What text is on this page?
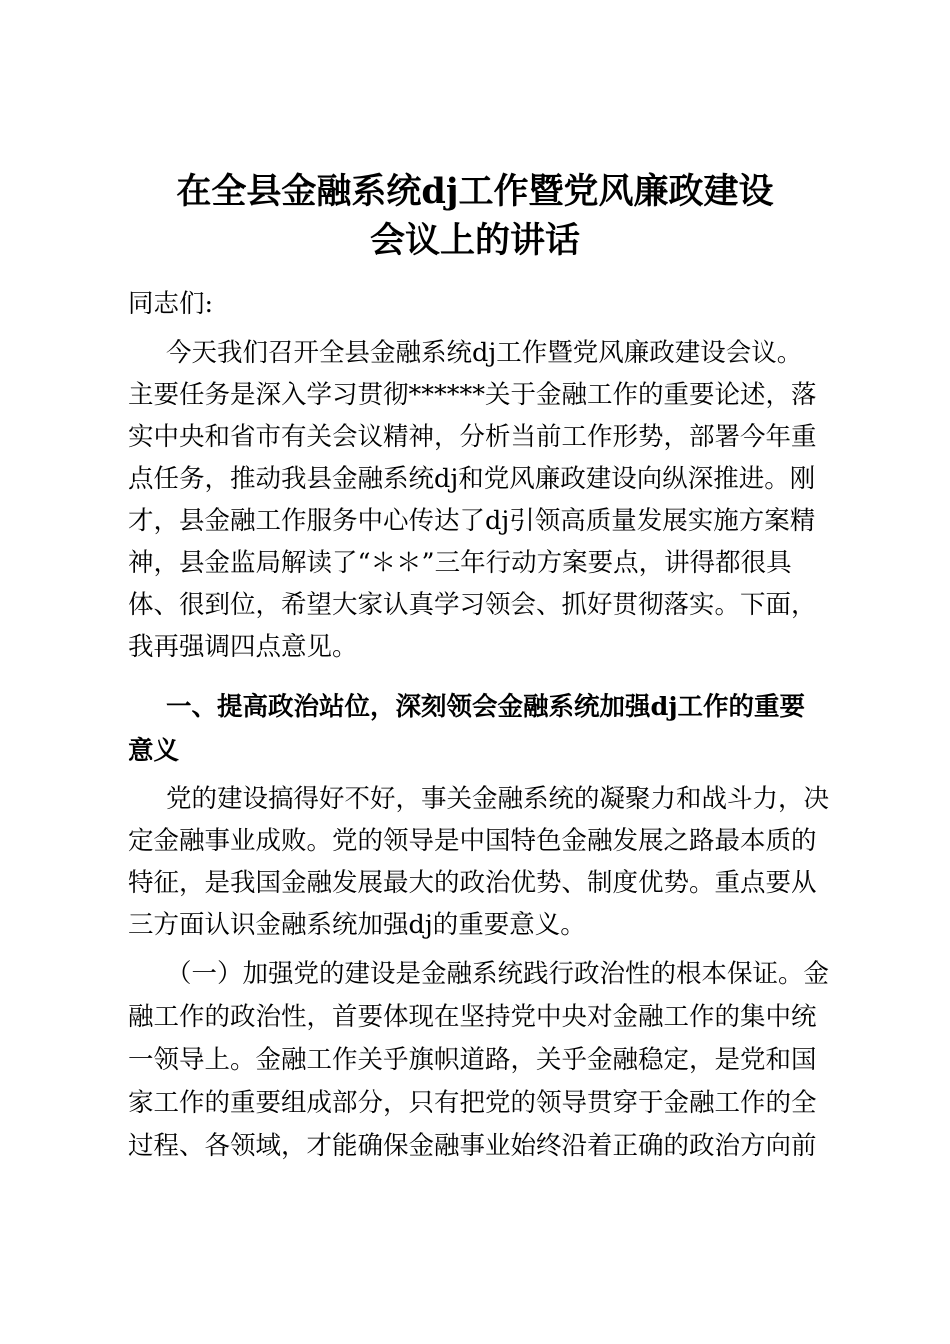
在全县金融系统dj工作暨党风廉政建设
会议上的讲话
同志们:
今天我们召开全县金融系统dj工作暨党风廉政建设会议。
主要任务是深入学习贯彻******关于金融工作的重要论述，落
实中央和省市有关会议精神，分析当前工作形势，部署今年重
点任务，推动我县金融系统dj和党风廉政建设向纵深推进。刚
才，县金融工作服务中心传达了dj引领高质量发展实施方案精
神，县金监局解读了“＊＊”三年行动方案要点，讲得都很具
体、很到位，希望大家认真学习领会、抓好贯彻落实。下面，
我再强调四点意见。
一、提高政治站位，深刻领会金融系统加强dj工作的重要
意义
党的建设搞得好不好，事关金融系统的凝聚力和战斗力，决
定金融事业成败。党的领导是中国特色金融发展之路最本质的
特征，是我国金融发展最大的政治优势、制度优势。重点要从
三方面认识金融系统加强dj的重要意义。
（一）加强党的建设是金融系统践行政治性的根本保证。金
融工作的政治性，首要体现在坚持党中央对金融工作的集中统
一领导上。金融工作关乎旗帜道路，关乎金融稳定，是党和国
家工作的重要组成部分，只有把党的领导贯穿于金融工作的全
过程、各领域，才能确保金融事业始终沿着正确的政治方向前
